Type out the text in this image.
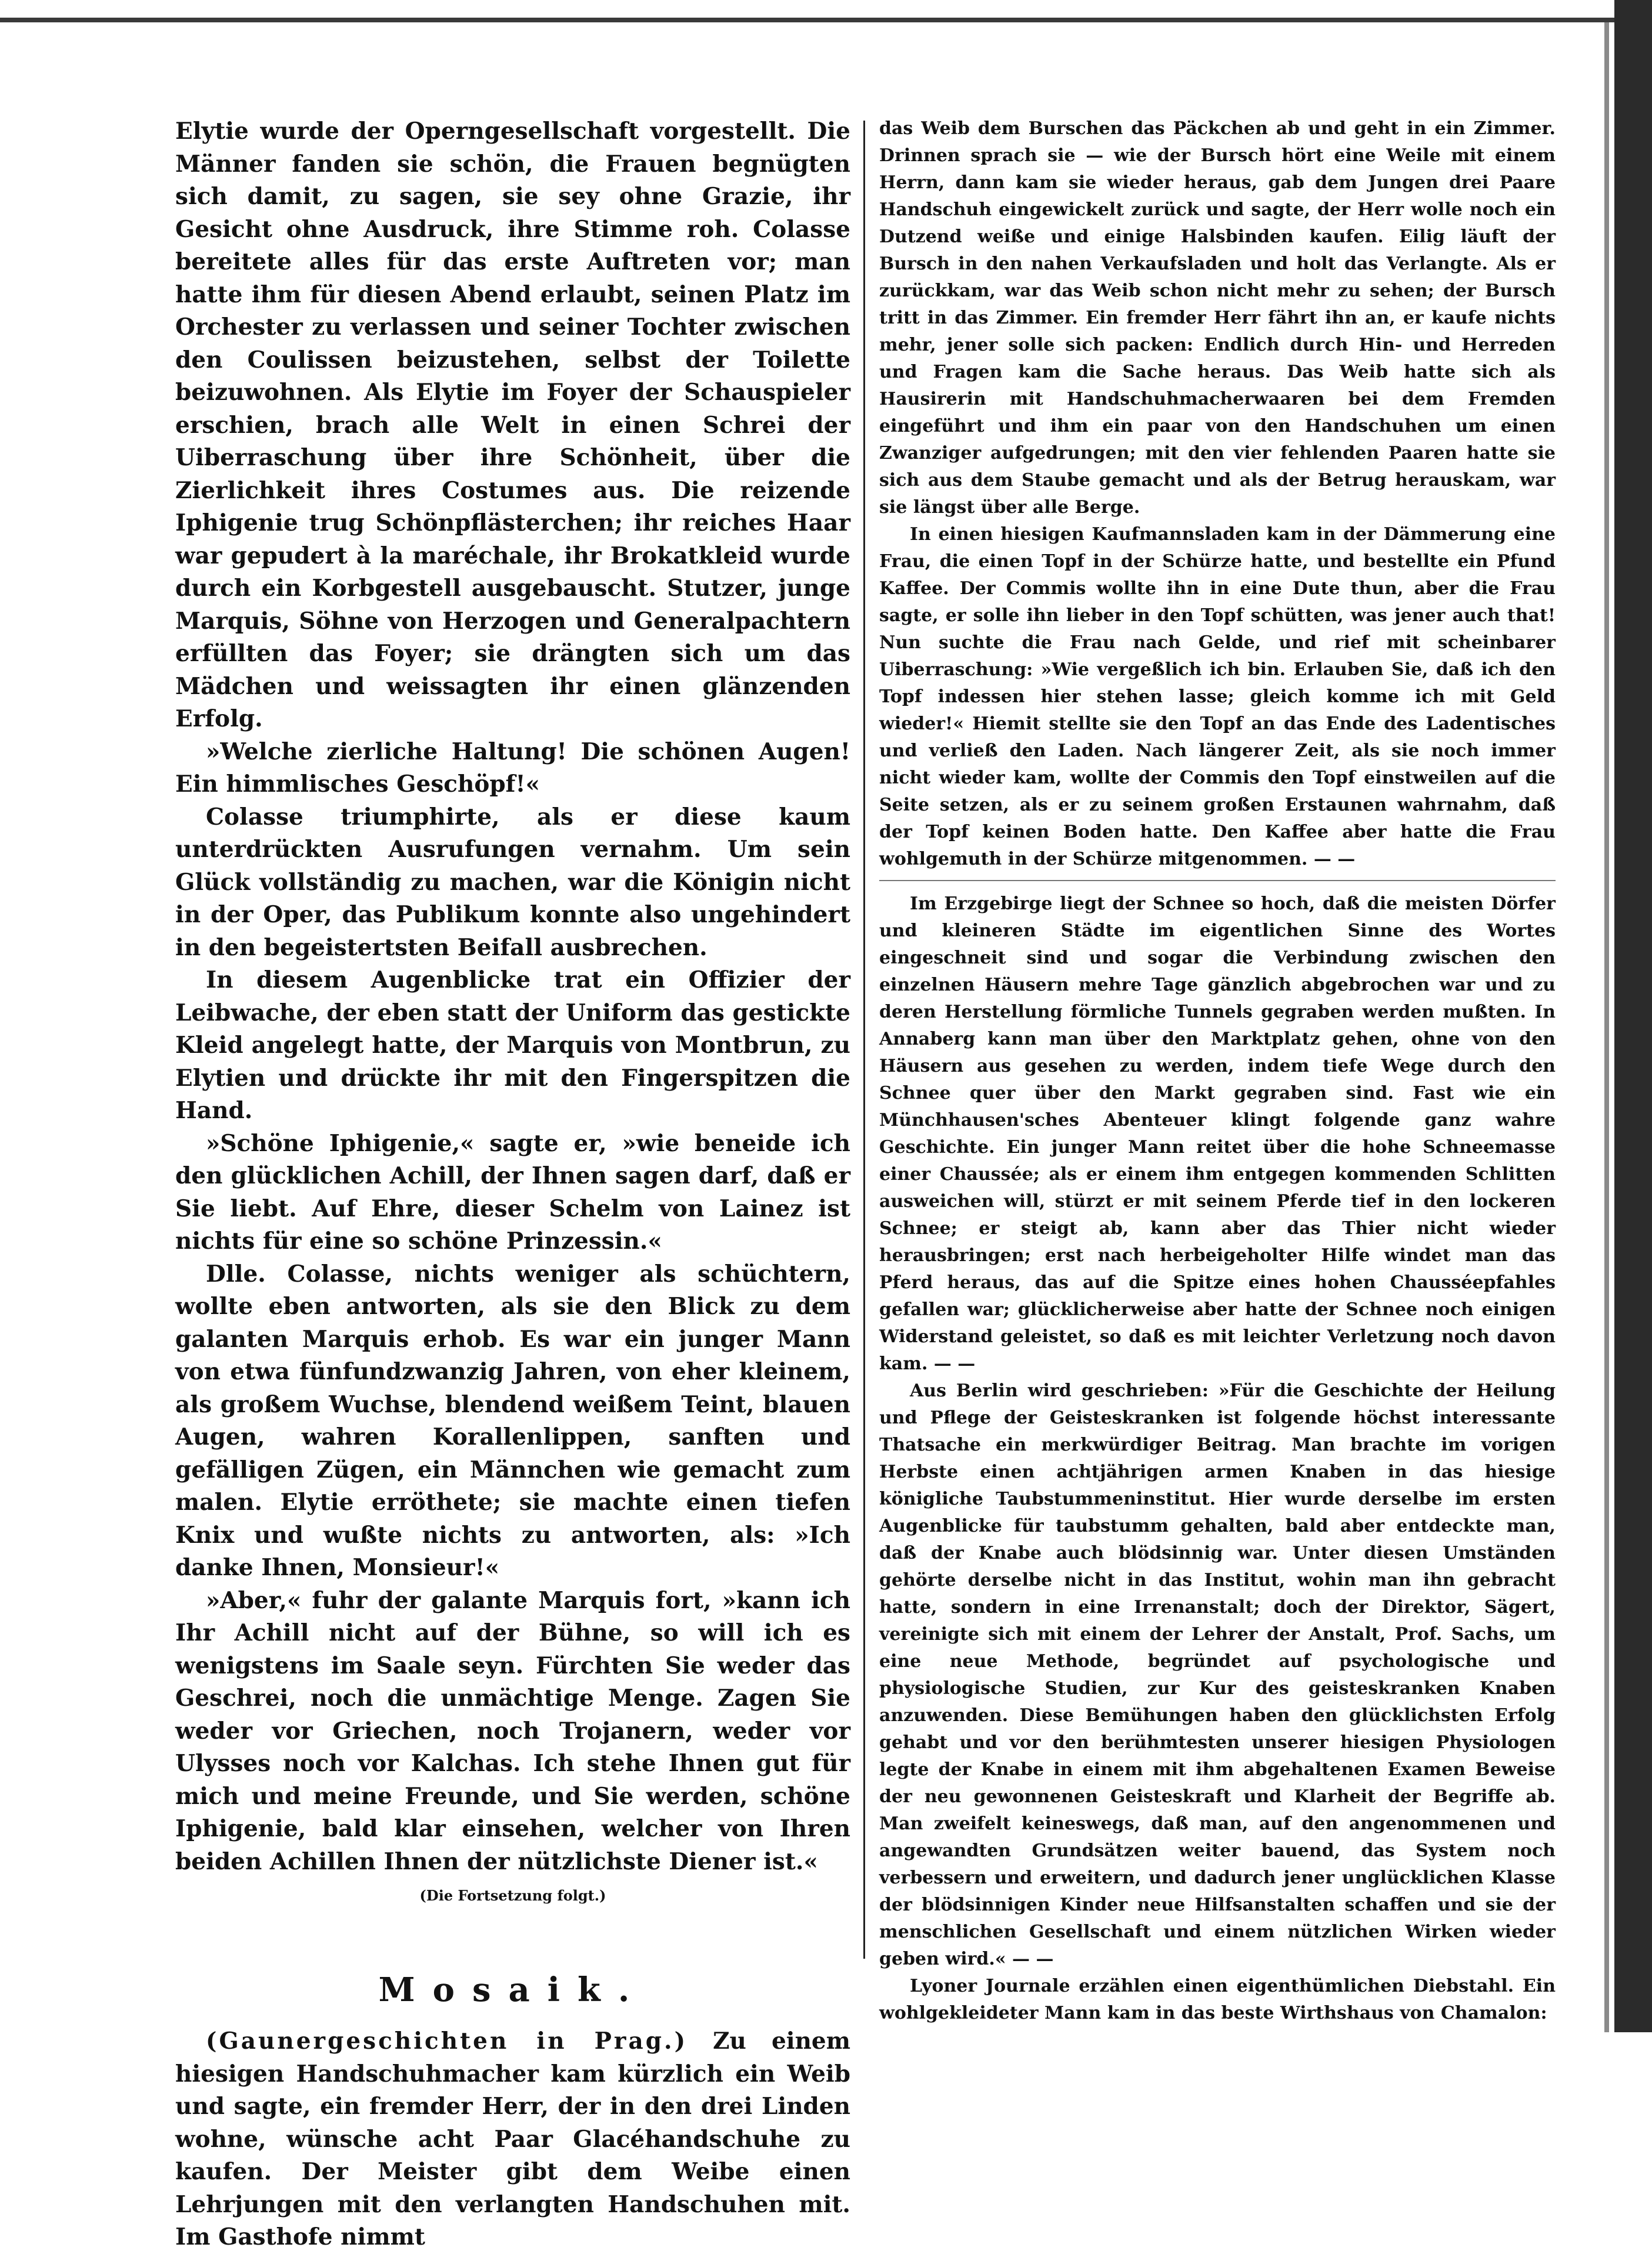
Elytie wurde der Operngesellschaft vorgestellt. Die Männer fanden sie schön, die Frauen begnügten sich damit, zu sagen, sie sey ohne Grazie, ihr Gesicht ohne Ausdruck, ihre Stimme roh. Colasse bereitete alles für das erste Auftreten vor; man hatte ihm für diesen Abend erlaubt, seinen Platz im Orchester zu verlassen und seiner Tochter zwischen den Coulissen beizustehen, selbst der Toilette beizuwohnen. Als Elytie im Foyer der Schauspieler erschien, brach alle Welt in einen Schrei der Uiberraschung über ihre Schönheit, über die Zierlichkeit ihres Costumes aus. Die reizende Iphigenie trug Schönpflästerchen; ihr reiches Haar war gepudert à la maréchale, ihr Brokatkleid wurde durch ein Korbgestell ausgebauscht. Stutzer, junge Marquis, Söhne von Herzogen und Generalpachtern erfüllten das Foyer; sie drängten sich um das Mädchen und weissagten ihr einen glänzenden Erfolg.

»Welche zierliche Haltung! Die schönen Augen! Ein himmlisches Geschöpf!«

Colasse triumphirte, als er diese kaum unterdrückten Ausrufungen vernahm. Um sein Glück vollständig zu machen, war die Königin nicht in der Oper, das Publikum konnte also ungehindert in den begeistertsten Beifall ausbrechen.

In diesem Augenblicke trat ein Offizier der Leibwache, der eben statt der Uniform das gestickte Kleid angelegt hatte, der Marquis von Montbrun, zu Elytien und drückte ihr mit den Fingerspitzen die Hand.

»Schöne Iphigenie,« sagte er, »wie beneide ich den glücklichen Achill, der Ihnen sagen darf, daß er Sie liebt. Auf Ehre, dieser Schelm von Lainez ist nichts für eine so schöne Prinzessin.«

Dlle. Colasse, nichts weniger als schüchtern, wollte eben antworten, als sie den Blick zu dem galanten Marquis erhob. Es war ein junger Mann von etwa fünfundzwanzig Jahren, von eher kleinem, als großem Wuchse, blendend weißem Teint, blauen Augen, wahren Korallenlippen, sanften und gefälligen Zügen, ein Männchen wie gemacht zum malen. Elytie erröthete; sie machte einen tiefen Knix und wußte nichts zu antworten, als: »Ich danke Ihnen, Monsieur!«

»Aber,« fuhr der galante Marquis fort, »kann ich Ihr Achill nicht auf der Bühne, so will ich es wenigstens im Saale seyn. Fürchten Sie weder das Geschrei, noch die unmächtige Menge. Zagen Sie weder vor Griechen, noch Trojanern, weder vor Ulysses noch vor Kalchas. Ich stehe Ihnen gut für mich und meine Freunde, und Sie werden, schöne Iphigenie, bald klar einsehen, welcher von Ihren beiden Achillen Ihnen der nützlichste Diener ist.«

(Die Fortsetzung folgt.)

Mosaik.

(Gaunergeschichten in Prag.) Zu einem hiesigen Handschuhmacher kam kürzlich ein Weib und sagte, ein fremder Herr, der in den drei Linden wohne, wünsche acht Paar Glacéhandschuhe zu kaufen. Der Meister gibt dem Weibe einen Lehrjungen mit den verlangten Handschuhen mit. Im Gasthofe nimmt

das Weib dem Burschen das Päckchen ab und geht in ein Zimmer. Drinnen sprach sie — wie der Bursch hört eine Weile mit einem Herrn, dann kam sie wieder heraus, gab dem Jungen drei Paare Handschuh eingewickelt zurück und sagte, der Herr wolle noch ein Dutzend weiße und einige Halsbinden kaufen. Eilig läuft der Bursch in den nahen Verkaufsladen und holt das Verlangte. Als er zurückkam, war das Weib schon nicht mehr zu sehen; der Bursch tritt in das Zimmer. Ein fremder Herr fährt ihn an, er kaufe nichts mehr, jener solle sich packen: Endlich durch Hin- und Herreden und Fragen kam die Sache heraus. Das Weib hatte sich als Hausirerin mit Handschuhmacherwaaren bei dem Fremden eingeführt und ihm ein paar von den Handschuhen um einen Zwanziger aufgedrungen; mit den vier fehlenden Paaren hatte sie sich aus dem Staube gemacht und als der Betrug herauskam, war sie längst über alle Berge.

In einen hiesigen Kaufmannsladen kam in der Dämmerung eine Frau, die einen Topf in der Schürze hatte, und bestellte ein Pfund Kaffee. Der Commis wollte ihn in eine Dute thun, aber die Frau sagte, er solle ihn lieber in den Topf schütten, was jener auch that! Nun suchte die Frau nach Gelde, und rief mit scheinbarer Uiberraschung: »Wie vergeßlich ich bin. Erlauben Sie, daß ich den Topf indessen hier stehen lasse; gleich komme ich mit Geld wieder!« Hiemit stellte sie den Topf an das Ende des Ladentisches und verließ den Laden. Nach längerer Zeit, als sie noch immer nicht wieder kam, wollte der Commis den Topf einstweilen auf die Seite setzen, als er zu seinem großen Erstaunen wahrnahm, daß der Topf keinen Boden hatte. Den Kaffee aber hatte die Frau wohlgemuth in der Schürze mitgenommen. — —

Im Erzgebirge liegt der Schnee so hoch, daß die meisten Dörfer und kleineren Städte im eigentlichen Sinne des Wortes eingeschneit sind und sogar die Verbindung zwischen den einzelnen Häusern mehre Tage gänzlich abgebrochen war und zu deren Herstellung förmliche Tunnels gegraben werden mußten. In Annaberg kann man über den Marktplatz gehen, ohne von den Häusern aus gesehen zu werden, indem tiefe Wege durch den Schnee quer über den Markt gegraben sind. Fast wie ein Münchhausen'sches Abenteuer klingt folgende ganz wahre Geschichte. Ein junger Mann reitet über die hohe Schneemasse einer Chaussée; als er einem ihm entgegen kommenden Schlitten ausweichen will, stürzt er mit seinem Pferde tief in den lockeren Schnee; er steigt ab, kann aber das Thier nicht wieder herausbringen; erst nach herbeigeholter Hilfe windet man das Pferd heraus, das auf die Spitze eines hohen Chausséepfahles gefallen war; glücklicherweise aber hatte der Schnee noch einigen Widerstand geleistet, so daß es mit leichter Verletzung noch davon kam. — —

Aus Berlin wird geschrieben: »Für die Geschichte der Heilung und Pflege der Geisteskranken ist folgende höchst interessante Thatsache ein merkwürdiger Beitrag. Man brachte im vorigen Herbste einen achtjährigen armen Knaben in das hiesige königliche Taubstummeninstitut. Hier wurde derselbe im ersten Augenblicke für taubstumm gehalten, bald aber entdeckte man, daß der Knabe auch blödsinnig war. Unter diesen Umständen gehörte derselbe nicht in das Institut, wohin man ihn gebracht hatte, sondern in eine Irrenanstalt; doch der Direktor, Sägert, vereinigte sich mit einem der Lehrer der Anstalt, Prof. Sachs, um eine neue Methode, begründet auf psychologische und physiologische Studien, zur Kur des geisteskranken Knaben anzuwenden. Diese Bemühungen haben den glücklichsten Erfolg gehabt und vor den berühmtesten unserer hiesigen Physiologen legte der Knabe in einem mit ihm abgehaltenen Examen Beweise der neu gewonnenen Geisteskraft und Klarheit der Begriffe ab. Man zweifelt keineswegs, daß man, auf den angenommenen und angewandten Grundsätzen weiter bauend, das System noch verbessern und erweitern, und dadurch jener unglücklichen Klasse der blödsinnigen Kinder neue Hilfsanstalten schaffen und sie der menschlichen Gesellschaft und einem nützlichen Wirken wieder geben wird.« — —

Lyoner Journale erzählen einen eigenthümlichen Diebstahl. Ein wohlgekleideter Mann kam in das beste Wirthshaus von Chamalon:
